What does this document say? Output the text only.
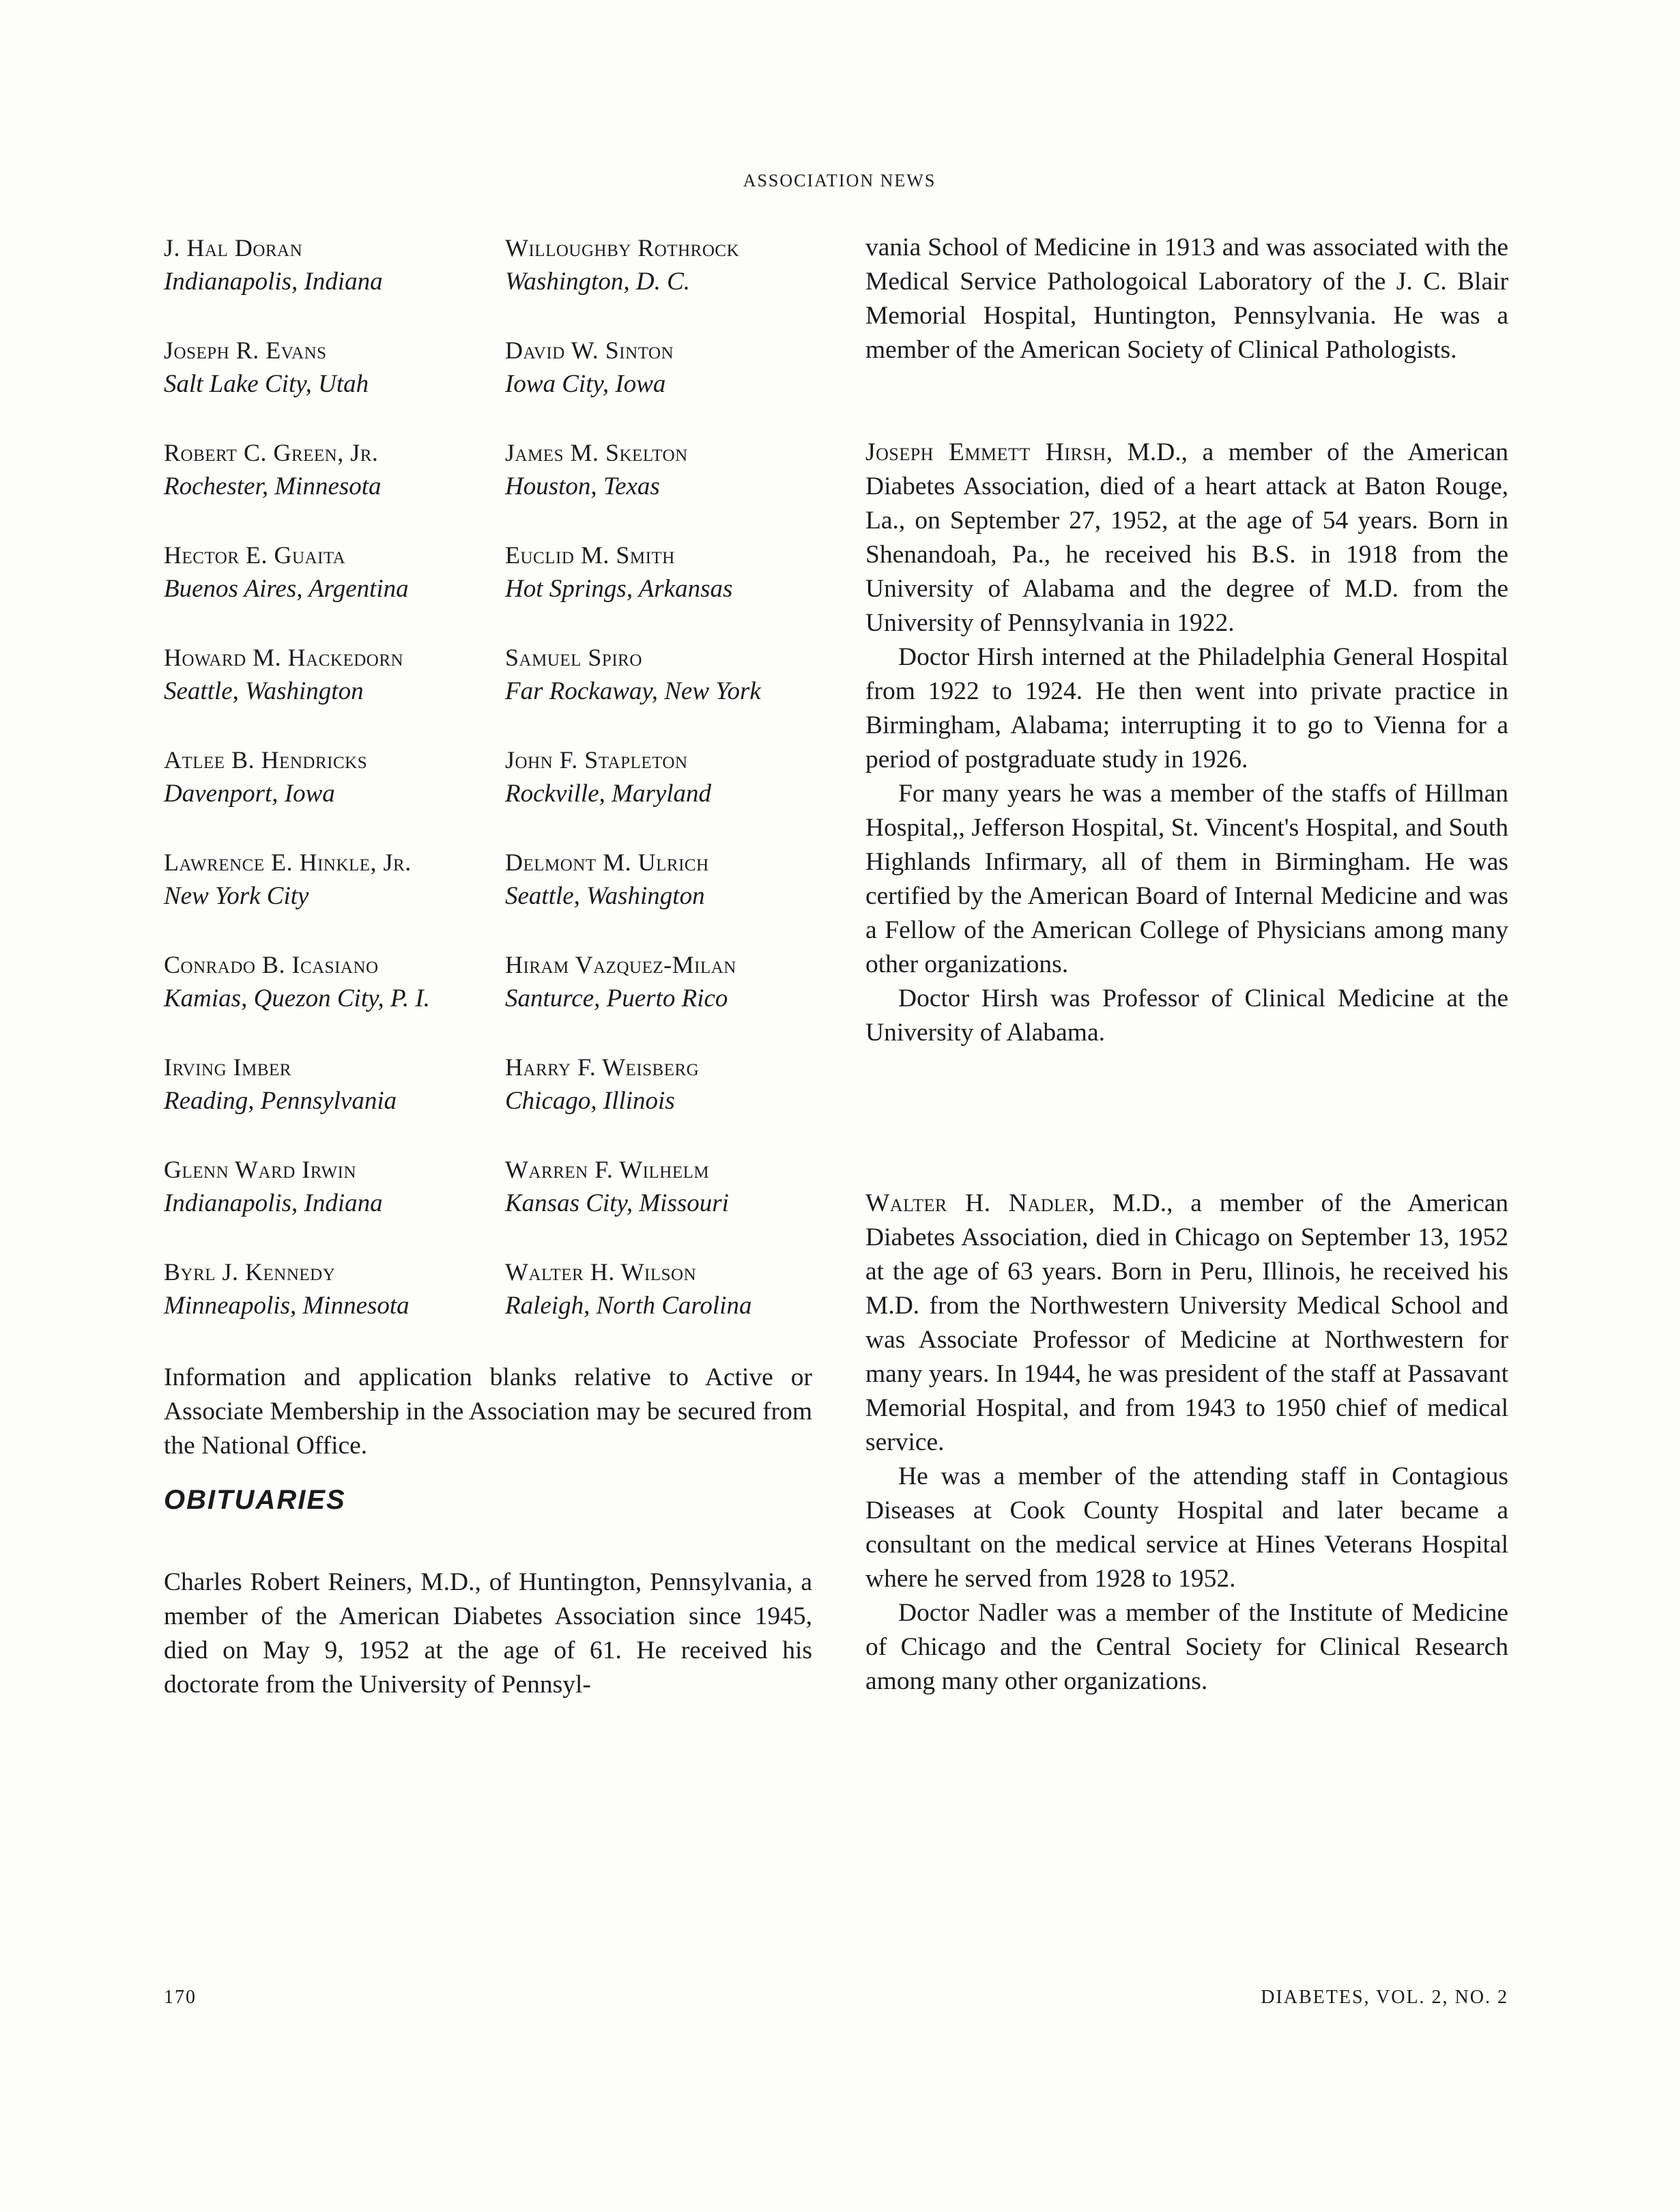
ASSOCIATION NEWS
J. Hal Doran
Indianapolis, Indiana
Joseph R. Evans
Salt Lake City, Utah
Robert C. Green, Jr.
Rochester, Minnesota
Hector E. Guaita
Buenos Aires, Argentina
Howard M. Hackedorn
Seattle, Washington
Atlee B. Hendricks
Davenport, Iowa
Lawrence E. Hinkle, Jr.
New York City
Conrado B. Icasiano
Kamias, Quezon City, P. I.
Irving Imber
Reading, Pennsylvania
Glenn Ward Irwin
Indianapolis, Indiana
Byrl J. Kennedy
Minneapolis, Minnesota
Willoughby Rothrock
Washington, D. C.
David W. Sinton
Iowa City, Iowa
James M. Skelton
Houston, Texas
Euclid M. Smith
Hot Springs, Arkansas
Samuel Spiro
Far Rockaway, New York
John F. Stapleton
Rockville, Maryland
Delmont M. Ulrich
Seattle, Washington
Hiram Vazquez-Milan
Santurce, Puerto Rico
Harry F. Weisberg
Chicago, Illinois
Warren F. Wilhelm
Kansas City, Missouri
Walter H. Wilson
Raleigh, North Carolina

Information and application blanks relative to Active or Associate Membership in the Association may be secured from the National Office.

OBITUARIES

Charles Robert Reiners, M.D., of Huntington, Pennsylvania, a member of the American Diabetes Association since 1945, died on May 9, 1952 at the age of 61. He received his doctorate from the University of Pennsyl-

vania School of Medicine in 1913 and was associated with the Medical Service Pathologoical Laboratory of the J. C. Blair Memorial Hospital, Huntington, Pennsylvania. He was a member of the American Society of Clinical Pathologists.

Joseph Emmett Hirsh, M.D., a member of the American Diabetes Association, died of a heart attack at Baton Rouge, La., on September 27, 1952, at the age of 54 years. Born in Shenandoah, Pa., he received his B.S. in 1918 from the University of Alabama and the degree of M.D. from the University of Pennsylvania in 1922.

Doctor Hirsh interned at the Philadelphia General Hospital from 1922 to 1924. He then went into private practice in Birmingham, Alabama; interrupting it to go to Vienna for a period of postgraduate study in 1926.

For many years he was a member of the staffs of Hillman Hospital,, Jefferson Hospital, St. Vincent's Hospital, and South Highlands Infirmary, all of them in Birmingham. He was certified by the American Board of Internal Medicine and was a Fellow of the American College of Physicians among many other organizations.

Doctor Hirsh was Professor of Clinical Medicine at the University of Alabama.

Walter H. Nadler, M.D., a member of the American Diabetes Association, died in Chicago on September 13, 1952 at the age of 63 years. Born in Peru, Illinois, he received his M.D. from the Northwestern University Medical School and was Associate Professor of Medicine at Northwestern for many years. In 1944, he was president of the staff at Passavant Memorial Hospital, and from 1943 to 1950 chief of medical service.

He was a member of the attending staff in Contagious Diseases at Cook County Hospital and later became a consultant on the medical service at Hines Veterans Hospital where he served from 1928 to 1952.

Doctor Nadler was a member of the Institute of Medicine of Chicago and the Central Society for Clinical Research among many other organizations.

170	DIABETES, VOL. 2, NO. 2
